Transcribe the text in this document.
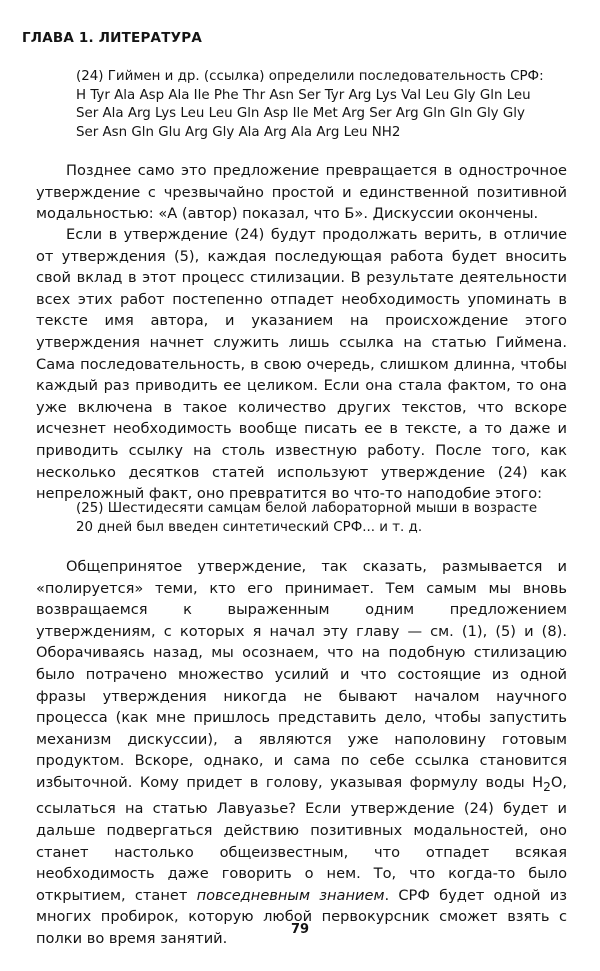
ГЛАВА 1. ЛИТЕРАТУРА
(24) Гиймен и др. (ссылка) определили последовательность СРФ: H Tyr Ala Asp Ala Ile Phe Thr Asn Ser Tyr Arg Lys Val Leu Gly Gln Leu Ser Ala Arg Lys Leu Leu Gln Asp Ile Met Arg Ser Arg Gln Gln Gly Gly Ser Asn Gln Glu Arg Gly Ala Arg Ala Arg Leu NH2
Позднее само это предложение превращается в однострочное утверждение с чрезвычайно простой и единственной позитивной модальностью: «А (автор) показал, что Б». Дискуссии окончены.
Если в утверждение (24) будут продолжать верить, в отличие от утверждения (5), каждая последующая работа будет вносить свой вклад в этот процесс стилизации. В результате деятельности всех этих работ постепенно отпадет необходимость упоминать в тексте имя автора, и указанием на происхождение этого утверждения начнет служить лишь ссылка на статью Гиймена. Сама последовательность, в свою очередь, слишком длинна, чтобы каждый раз приводить ее целиком. Если она стала фактом, то она уже включена в такое количество других текстов, что вскоре исчезнет необходимость вообще писать ее в тексте, а то даже и приводить ссылку на столь известную работу. После того, как несколько десятков статей используют утверждение (24) как непреложный факт, оно превратится во что-то наподобие этого:
(25) Шестидесяти самцам белой лабораторной мыши в возрасте 20 дней был введен синтетический СРФ... и т. д.
Общепринятое утверждение, так сказать, размывается и «полируется» теми, кто его принимает. Тем самым мы вновь возвращаемся к выраженным одним предложением утверждениям, с которых я начал эту главу — см. (1), (5) и (8). Оборачиваясь назад, мы осознаем, что на подобную стилизацию было потрачено множество усилий и что состоящие из одной фразы утверждения никогда не бывают началом научного процесса (как мне пришлось представить дело, чтобы запустить механизм дискуссии), а являются уже наполовину готовым продуктом. Вскоре, однако, и сама по себе ссылка становится избыточной. Кому придет в голову, указывая формулу воды $H_2O$, ссылаться на статью Лавуазье? Если утверждение (24) будет и дальше подвергаться действию позитивных модальностей, оно станет настолько общеизвестным, что отпадет всякая необходимость даже говорить о нем. То, что когда-то было открытием, станет повседневным знанием. СРФ будет одной из многих пробирок, которую любой первокурсник сможет взять с полки во время занятий.
79
